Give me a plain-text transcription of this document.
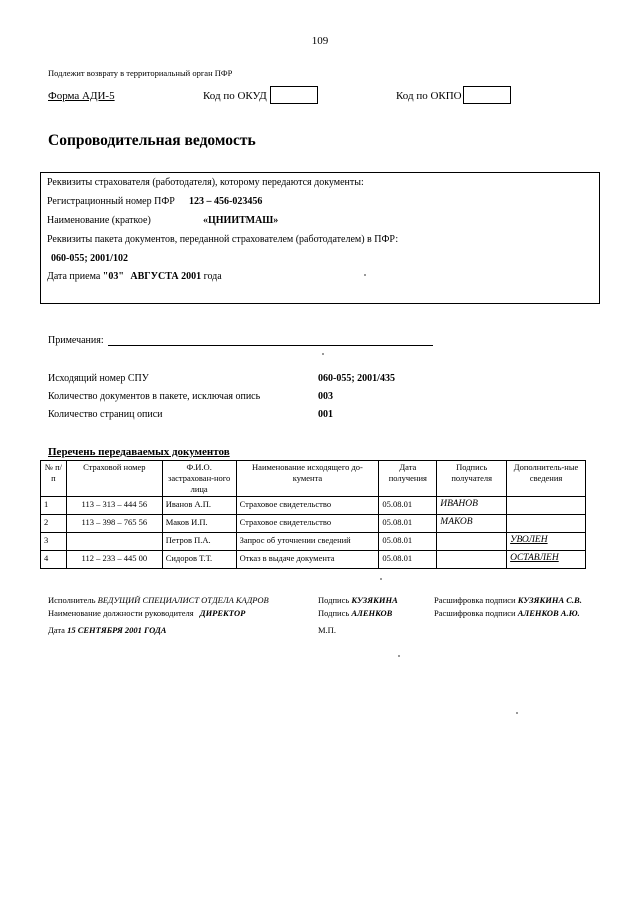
109
Подлежит возврату в территориальный орган ПФР
Форма АДИ-5	Код по ОКУД	Код по ОКПО
Сопроводительная ведомость
Реквизиты страхователя (работодателя), которому передаются документы:
Регистрационный номер ПФР 123 – 456-023456
Наименование (краткое)	«ЦНИИТМАШ»
Реквизиты пакета документов, переданной страхователем (работодателем) в ПФР:
060-055; 2001/102
Дата приема "03" АВГУСТА 2001 года
Примечания:
Исходящий номер СПУ	060-055; 2001/435
Количество документов в пакете, исключая опись	003
Количество страниц описи	001
Перечень передаваемых документов
№ п/п	Страховой номер	Ф.И.О. застрахован-ного лица	Наименование исходящего до-кумента	Дата получения	Подпись получателя	Дополнитель-ные сведения
1	113 – 313 – 444 56	Иванов А.П.	Страховое свидетельство	05.08.01	ИВАНОВ	
2	113 – 398 – 765 56	Маков И.П.	Страховое свидетельство	05.08.01	МАКОВ	
3		Петров П.А.	Запрос об уточнении сведений	05.08.01		УВОЛЕН
4	112 – 233 – 445 00	Сидоров Т.Т.	Отказ в выдаче документа	05.08.01		ОСТАВЛЕН
Исполнитель ВЕДУЩИЙ СПЕЦИАЛИСТ ОТДЕЛА КАДРОВ	Подпись КУЗЯКИНА	Расшифровка подписи КУЗЯКИНА С.В.
Наименование должности руководителя ДИРЕКТОР	Подпись АЛЕНКОВ	Расшифровка подписи АЛЕНКОВ А.Ю.
Дата 15 СЕНТЯБРЯ 2001 ГОДА	М.П.
